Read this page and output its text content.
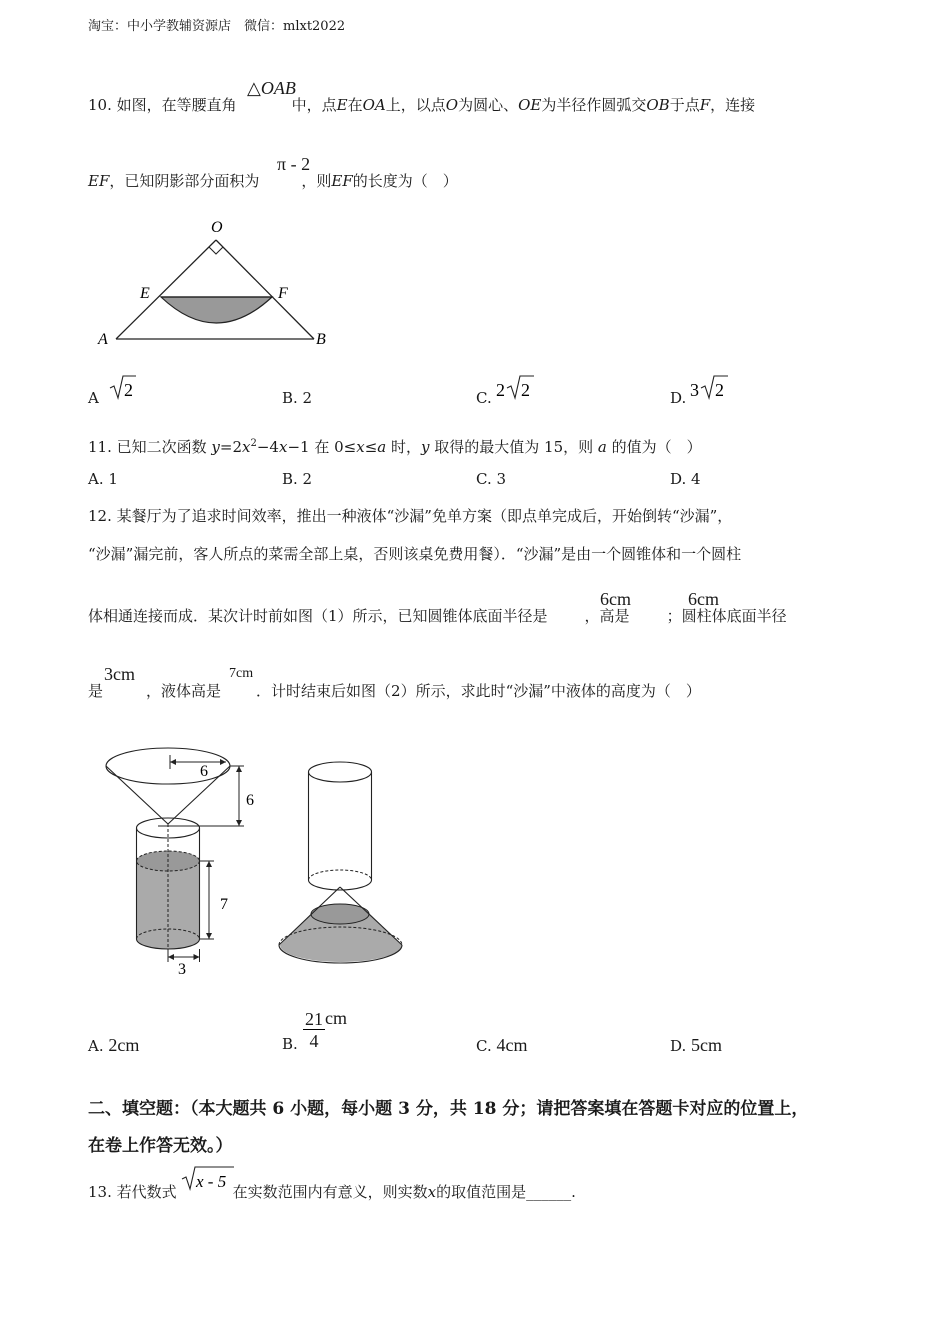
淘宝：中小学教辅资源店　微信：mlxt2022
10. 如图，在等腰直角	中，点E在OA上，以点O为圆心、OE为半径作圆弧交OB于点F，连接
△OAB
EF，已知阴影部分面积为	，则EF的长度为（　）
π - 2
O
E	F
A	B
A 2	B. 2	C. 2 2	D. 3 2
11. 已知二次函数 $y=2x^2-4x-1$ 在 0≤x≤a 时，y 取得的最大值为 15，则 a 的值为（　）
A. 1	B. 2	C. 3	D. 4
12. 某餐厅为了追求时间效率，推出一种液体“沙漏”免单方案（即点单完成后，开始倒转“沙漏”，
“沙漏”漏完前，客人所点的菜需全部上桌，否则该桌免费用餐）．“沙漏”是由一个圆锥体和一个圆柱
体相通连接而成．某次计时前如图（1）所示，已知圆锥体底面半径是 ，高是 ；圆柱体底面半径
6cm	6cm
是	，液体高是 ．计时结束后如图（2）所示，求此时“沙漏”中液体的高度为（　）
3cm	7cm
6
6
7
3
A. 2cm	B. $\frac{21}{4}$ cm
C. 4cm	D. 5cm
二、填空题：（本大题共 6 小题，每小题 3 分，共 18 分；请把答案填在答题卡对应的位置上，
在卷上作答无效。）
13. 若代数式	在实数范围内有意义，则实数x的取值范围是______.
x - 5
